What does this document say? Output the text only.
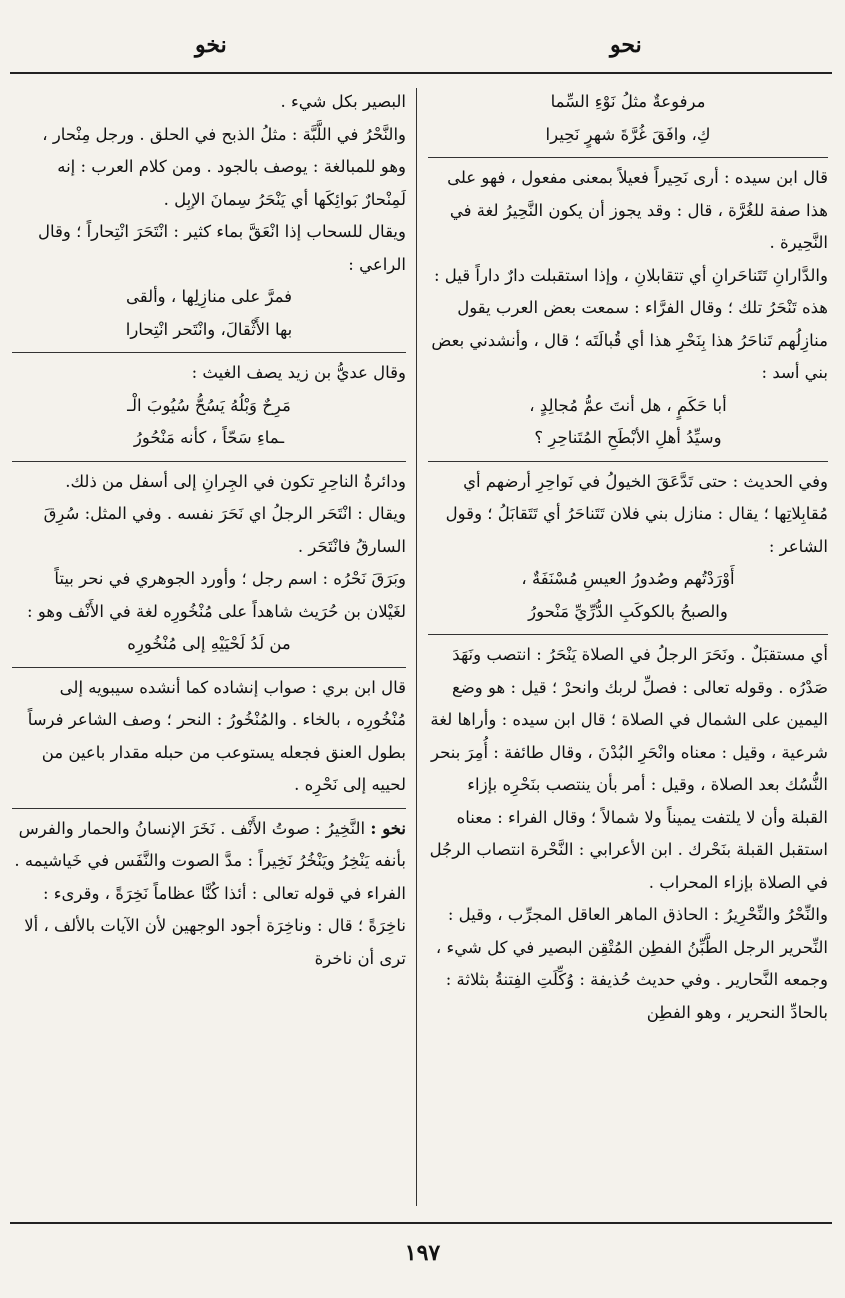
نخو	نحو

مرفوعةٌ مثلُ نَوْءِ السِّما

كِ، وافَقَ غُرَّةَ شهرٍ نَحِيرا

قال ابن سيده : أرى نَحِيراً فعيلاً بمعنى مفعول ، فهو على هذا صفة للغُرَّة ، قال : وقد يجوز أن يكون النَّحِيرُ لغة في النَّحِيرة .

والدَّارانِ تَتَناحَرانِ أي تتقابلانِ ، وإذا استقبلت دارٌ داراً قيل : هذه تَنْحَرُ تلك ؛ وقال الفرَّاء : سمعت بعض العرب يقول منازِلُهم تَناحَرُ هذا بِنَحْرِ هذا أي قُبالَتَه ؛ قال ، وأنشدني بعض بني أسد :

أبا حَكَمٍ ، هل أنتَ عمُّ مُجالِدٍ ،

وسيِّدُ أهلِ الأبْطَحِ المُتَناحِرِ ؟

وفي الحديث : حتى تَدَّعَقَ الخيولُ في نَواحِرِ أرضهم أي مُقابِلاتِها ؛ يقال : منازل بني فلان تَتَناحَرُ أي تَتَقابَلُ ؛ وقول الشاعر :

أَوْرَدْتُهم وصُدورُ العيسِ مُسْنَفَةٌ ،

والصبحُ بالكوكَبِ الدُّرِّيِّ مَنْحورُ

أي مستقبَلٌ . ونَحَرَ الرجلُ في الصلاة يَنْحَرُ : انتصب ونَهَدَ صَدْرُه . وقوله تعالى : فصلِّ لربك وانحرْ ؛ قيل : هو وضع اليمين على الشمال في الصلاة ؛ قال ابن سيده : وأراها لغة شرعية ، وقيل : معناه وانْحَرِ البُدْنَ ، وقال طائفة : أُمِرَ بنحر النُّسُك بعد الصلاة ، وقيل : أمر بأن ينتصب بنَحْرِه بإزاء القبلة وأن لا يلتفت يميناً ولا شمالاً ؛ وقال الفراء : معناه استقبل القبلة بنَحْرك . ابن الأعرابي : النَّحْرة انتصاب الرجُل في الصلاة بإزاء المحراب .

والنِّحْرُ والنِّحْرِيرُ : الحاذق الماهر العاقل المجرِّب ، وقيل : النِّحرير الرجل الطَّبِّنُ الفطِن المُتْقِن البصير في كل شيء ، وجمعه النَّحارير . وفي حديث حُذيفة : وُكِّلَتِ الفِتنةُ بثلاثة : بالحادِّ النحرير ، وهو الفطِن

البصير بكل شيء .

والنَّحْرُ في اللَّبَّة : مثلُ الذبح في الحلق . ورجل مِنْحار ، وهو للمبالغة : يوصف بالجود . ومن كلام العرب : إنه لَمِنْحارٌ بَوائِكَها أي يَنْحَرُ سِمانَ الإبِل .

ويقال للسحاب إذا انْعَقَّ بماء كثير : انْتَحَرَ انْتِحاراً ؛ وقال الراعي :

فمرَّ على منازِلِها ، وألقى

بها الأَثْقالَ، وانْتَحر انْتِحارا

وقال عديُّ بن زيد يصف الغيث :

مَرِحٌ وَبْلُهُ يَسُحُّ سُيُوبَ الْـ

ـماءِ سَحّاً ، كأنه مَنْحُورُ

ودائرةُ الناحِرِ تكون في الجِرانِ إلى أسفل من ذلك.

ويقال : انْتَحَر الرجلُ اي نَحَرَ نفسه . وفي المثل: سُرِقَ السارقُ فانْتَحَر .

وبَرَقَ نَحْرُه : اسم رجل ؛ وأورد الجوهري في نحر بيتاً لغَيْلان بن حُرَيث شاهداً على مُنْخُورِه لغة في الأَنْف وهو :

من لَدُ لَحْيَيْهِ إلى مُنْخُورِه

قال ابن بري : صواب إنشاده كما أنشده سيبويه إلى مُنْخُورِه ، بالخاء . والمُنْخُورُ : النحر ؛ وصف الشاعر فرساً بطول العنق فجعله يستوعب من حبله مقدار باعين من لحييه إلى نَحْرِه .

نخو : النَّخِيرُ : صوتُ الأَنْف . نَخَرَ الإنسانُ والحمار والفرس بأنفه يَنْخِرُ ويَنْخُرُ نَخِيراً : مدَّ الصوت والنَّفَس في خَياشيمه . الفراء في قوله تعالى : أئذا كُنَّا عظاماً نَخِرَةً ، وقرىء : ناخِرَةً ؛ قال : وناخِرَة أجود الوجهين لأن الآيات بالألف ، ألا ترى أن ناخرة

١٩٧
